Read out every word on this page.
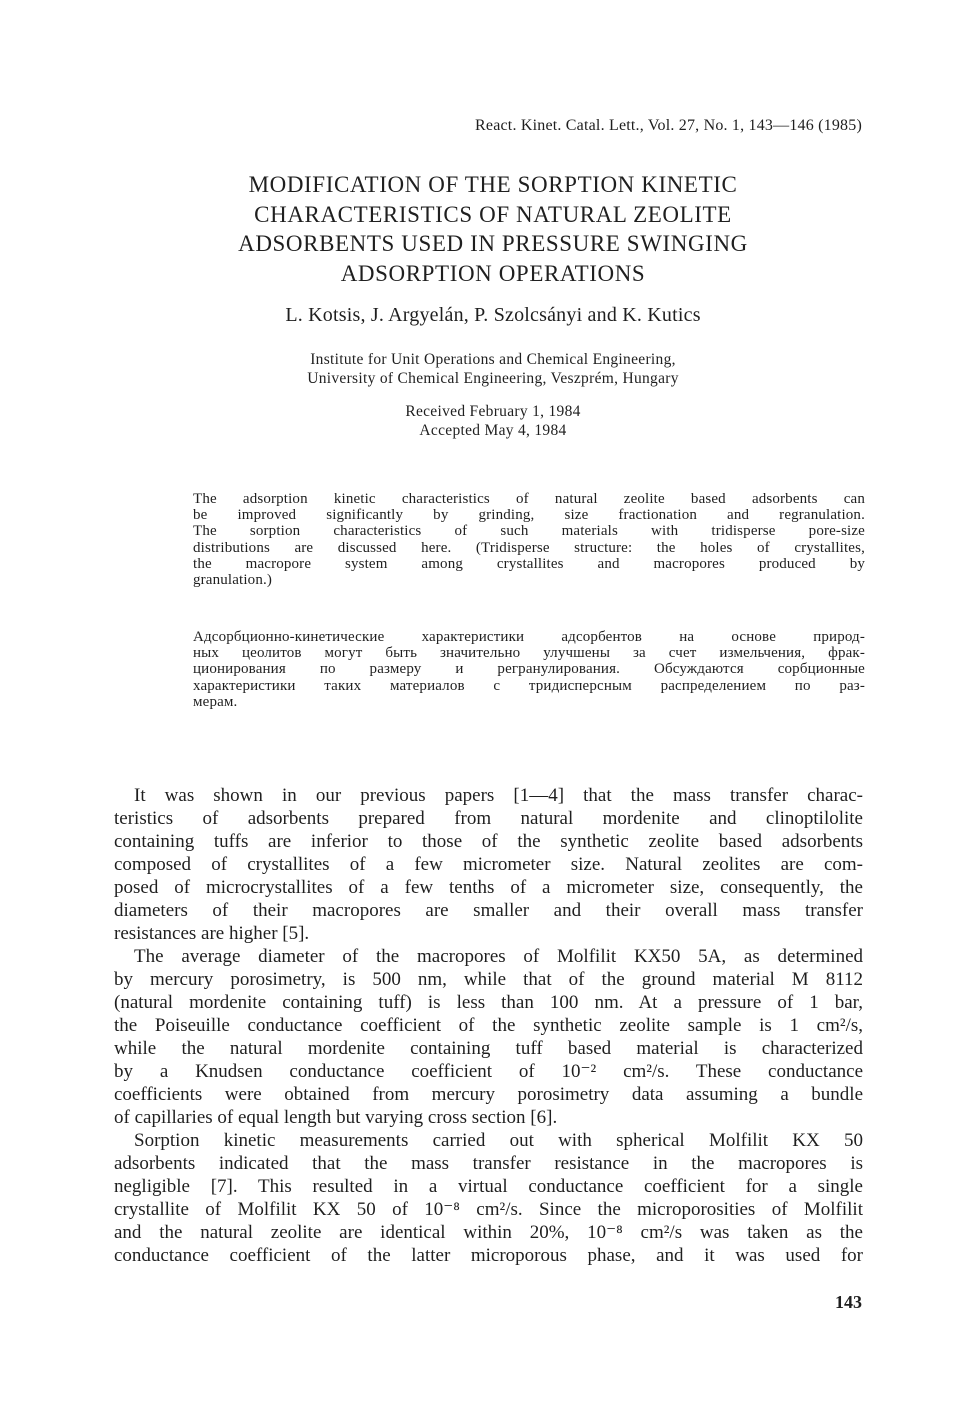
React. Kinet. Catal. Lett., Vol. 27, No. 1, 143—146 (1985)
MODIFICATION OF THE SORPTION KINETIC
CHARACTERISTICS OF NATURAL ZEOLITE
ADSORBENTS USED IN PRESSURE SWINGING
ADSORPTION OPERATIONS
L. Kotsis, J. Argyelán, P. Szolcsányi and K. Kutics
Institute for Unit Operations and Chemical Engineering,
University of Chemical Engineering, Veszprém, Hungary
Received February 1, 1984
Accepted May 4, 1984
The adsorption kinetic characteristics of natural zeolite based adsorbents can
be improved significantly by grinding, size fractionation and regranulation.
The sorption characteristics of such materials with tridisperse pore-size
distributions are discussed here. (Tridisperse structure: the holes of crystallites,
the macropore system among crystallites and macropores produced by
granulation.)
Адсорбционно-кинетические характеристики адсорбентов на основе природ-
ных цеолитов могут быть значительно улучшены за счет измельчения, фрак-
ционирования по размеру и регранулирования. Обсуждаются сорбционные
характеристики таких материалов с тридисперсным распределением по раз-
мерам.
It was shown in our previous papers [1—4] that the mass transfer charac-
teristics of adsorbents prepared from natural mordenite and clinoptilolite
containing tuffs are inferior to those of the synthetic zeolite based adsorbents
composed of crystallites of a few micrometer size. Natural zeolites are com-
posed of microcrystallites of a few tenths of a micrometer size, consequently, the
diameters of their macropores are smaller and their overall mass transfer
resistances are higher [5].
The average diameter of the macropores of Molfilit KX50 5A, as determined
by mercury porosimetry, is 500 nm, while that of the ground material M 8112
(natural mordenite containing tuff) is less than 100 nm. At a pressure of 1 bar,
the Poiseuille conductance coefficient of the synthetic zeolite sample is 1 cm²/s,
while the natural mordenite containing tuff based material is characterized
by a Knudsen conductance coefficient of 10⁻² cm²/s. These conductance
coefficients were obtained from mercury porosimetry data assuming a bundle
of capillaries of equal length but varying cross section [6].
Sorption kinetic measurements carried out with spherical Molfilit KX 50
adsorbents indicated that the mass transfer resistance in the macropores is
negligible [7]. This resulted in a virtual conductance coefficient for a single
crystallite of Molfilit KX 50 of 10⁻⁸ cm²/s. Since the microporosities of Molfilit
and the natural zeolite are identical within 20%, 10⁻⁸ cm²/s was taken as the
conductance coefficient of the latter microporous phase, and it was used for
143
